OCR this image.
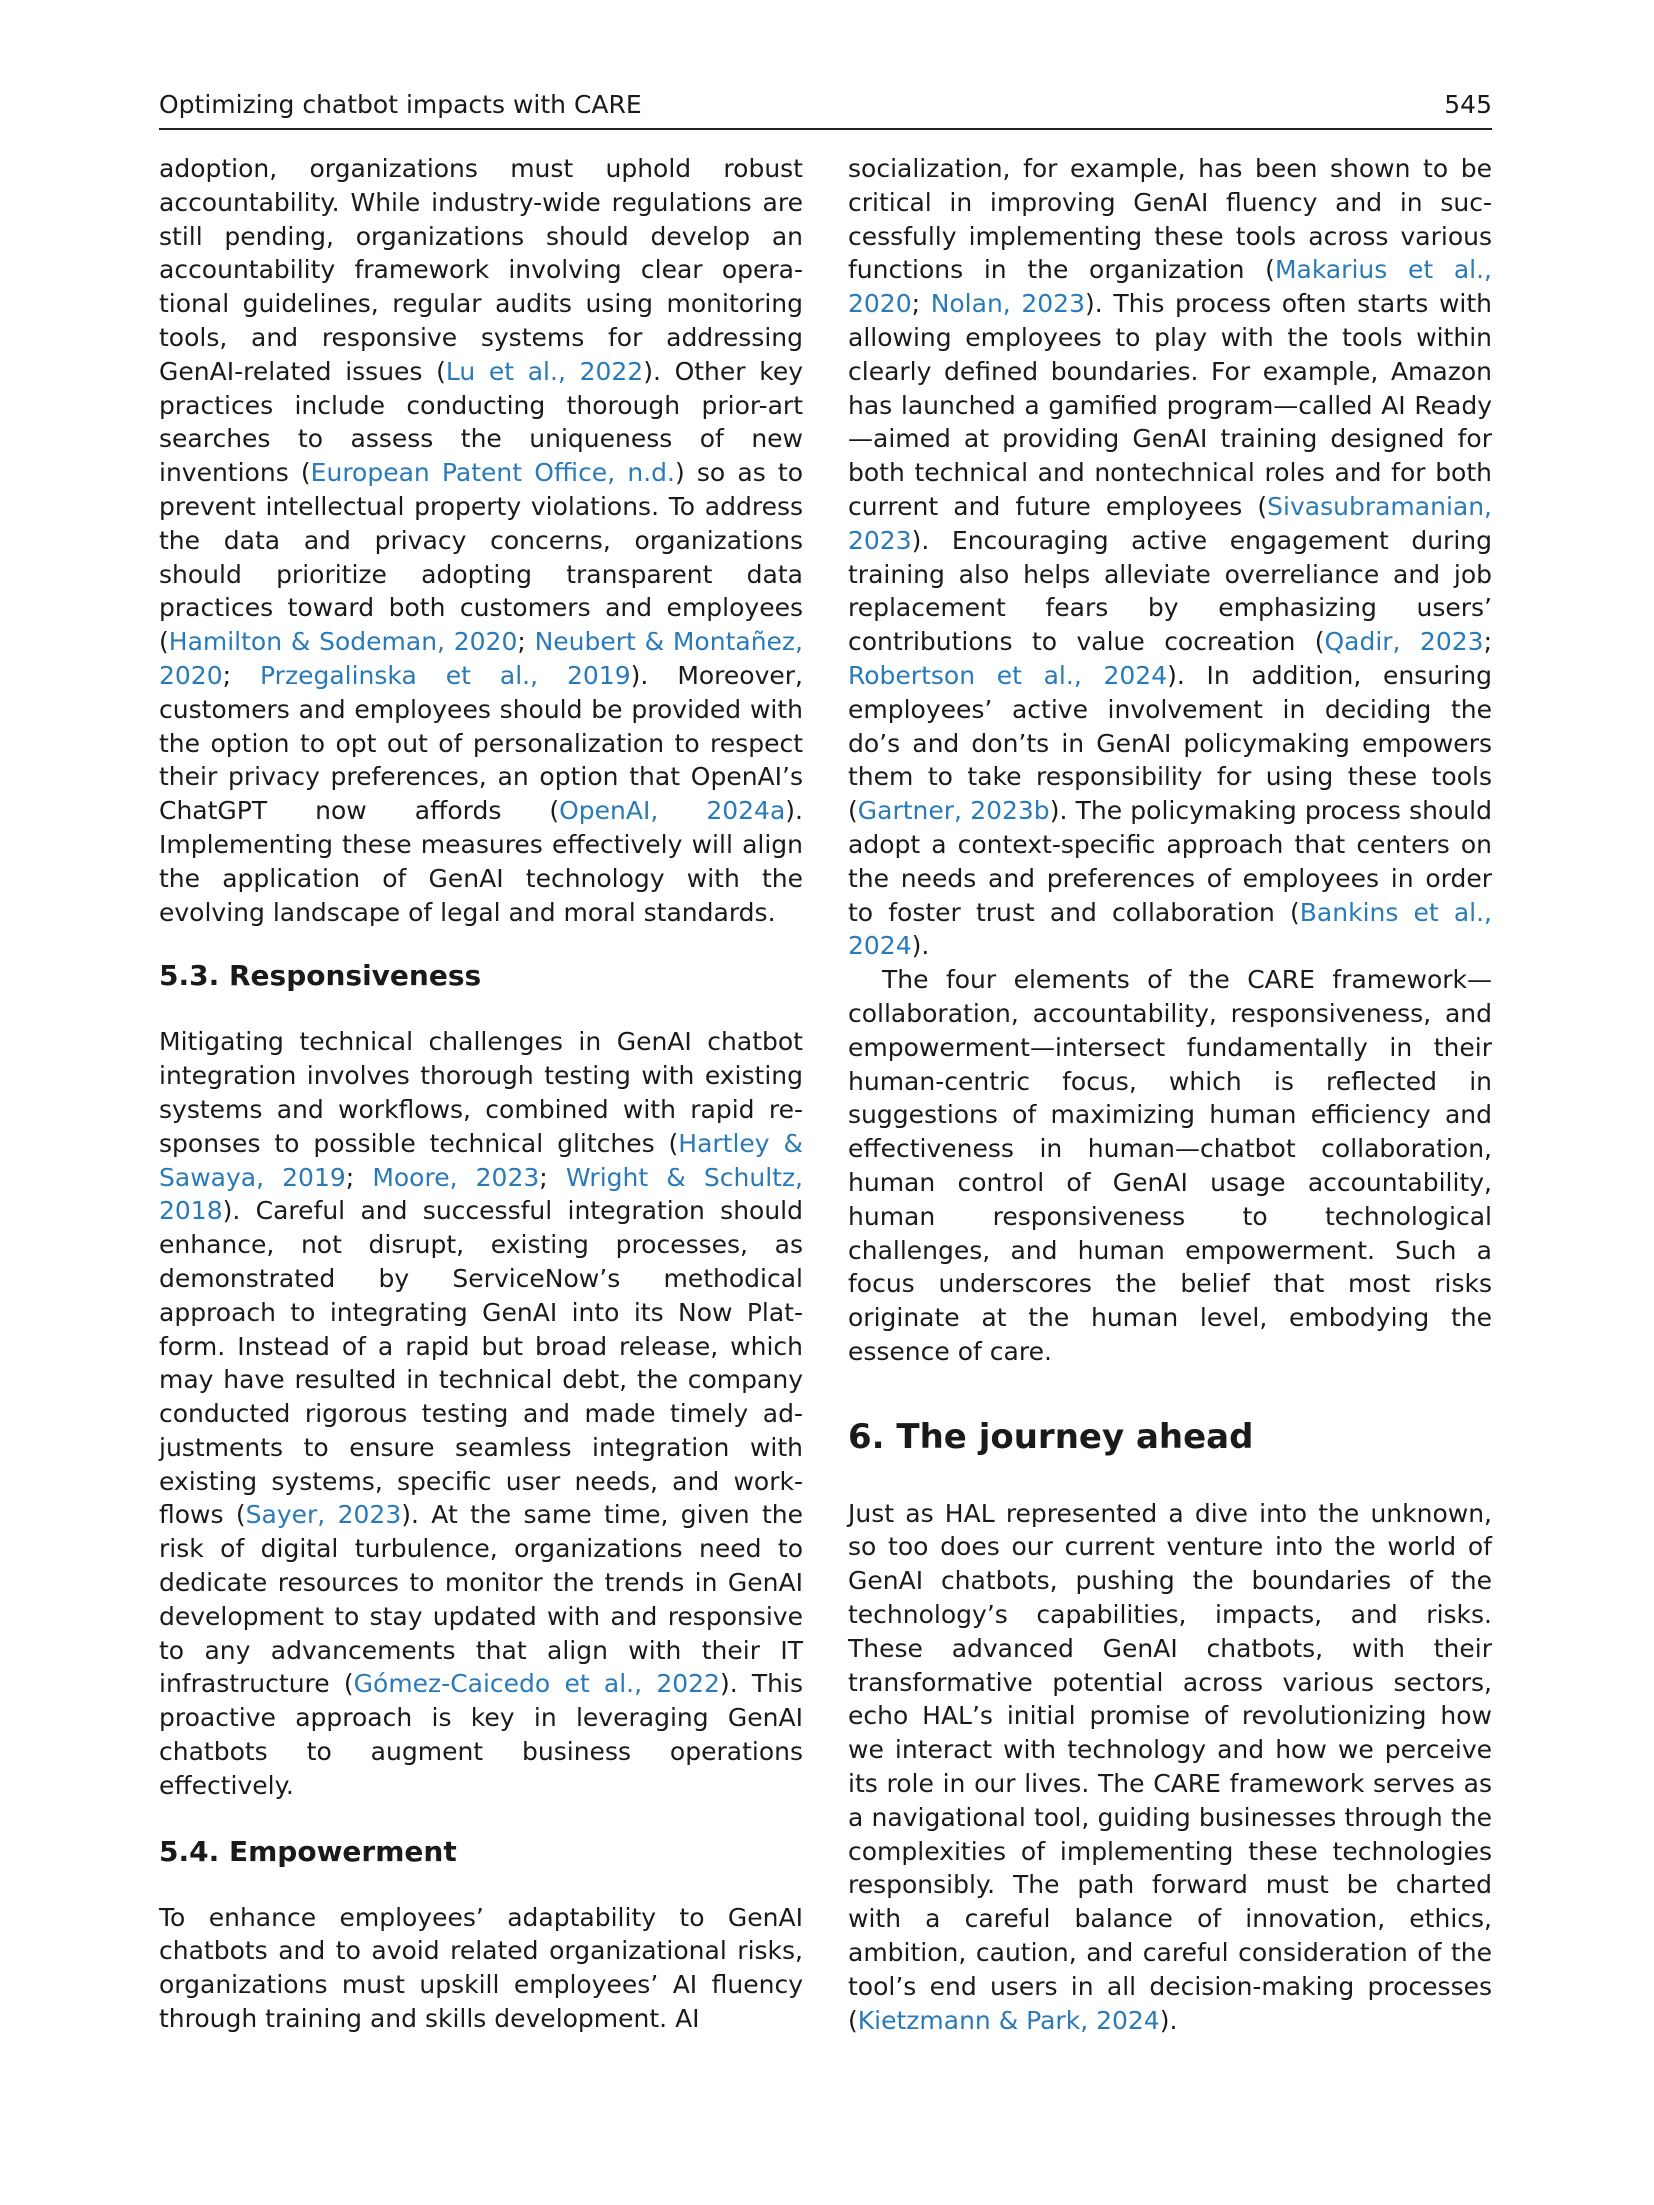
Optimizing chatbot impacts with CARE	545

adoption, organizations must uphold robust accountability. While industry-wide regulations are still pending, organizations should develop an accountability framework involving clear operational guidelines, regular audits using monitoring tools, and responsive systems for addressing GenAI-related issues (Lu et al., 2022). Other key practices include conducting thorough prior-art searches to assess the uniqueness of new inventions (European Patent Office, n.d.) so as to prevent intellectual property violations. To address the data and privacy concerns, organizations should prioritize adopting transparent data practices toward both customers and employees (Hamilton & Sodeman, 2020; Neubert & Montañez, 2020; Przegalinska et al., 2019). Moreover, customers and employees should be provided with the option to opt out of personalization to respect their privacy preferences, an option that OpenAI’s ChatGPT now affords (OpenAI, 2024a). Implementing these measures effectively will align the application of GenAI technology with the evolving landscape of legal and moral standards.

5.3. Responsiveness

Mitigating technical challenges in GenAI chatbot integration involves thorough testing with existing systems and workflows, combined with rapid responses to possible technical glitches (Hartley & Sawaya, 2019; Moore, 2023; Wright & Schultz, 2018). Careful and successful integration should enhance, not disrupt, existing processes, as demonstrated by ServiceNow’s methodical approach to integrating GenAI into its Now Platform. Instead of a rapid but broad release, which may have resulted in technical debt, the company conducted rigorous testing and made timely adjustments to ensure seamless integration with existing systems, specific user needs, and workflows (Sayer, 2023). At the same time, given the risk of digital turbulence, organizations need to dedicate resources to monitor the trends in GenAI development to stay updated with and responsive to any advancements that align with their IT infrastructure (Gómez-Caicedo et al., 2022). This proactive approach is key in leveraging GenAI chatbots to augment business operations effectively.

5.4. Empowerment

To enhance employees’ adaptability to GenAI chatbots and to avoid related organizational risks, organizations must upskill employees’ AI fluency through training and skills development. AI

socialization, for example, has been shown to be critical in improving GenAI fluency and in successfully implementing these tools across various functions in the organization (Makarius et al., 2020; Nolan, 2023). This process often starts with allowing employees to play with the tools within clearly defined boundaries. For example, Amazon has launched a gamified program—called AI Ready—aimed at providing GenAI training designed for both technical and nontechnical roles and for both current and future employees (Sivasubramanian, 2023). Encouraging active engagement during training also helps alleviate overreliance and job replacement fears by emphasizing users’ contributions to value cocreation (Qadir, 2023; Robertson et al., 2024). In addition, ensuring employees’ active involvement in deciding the do’s and don’ts in GenAI policymaking empowers them to take responsibility for using these tools (Gartner, 2023b). The policymaking process should adopt a context-specific approach that centers on the needs and preferences of employees in order to foster trust and collaboration (Bankins et al., 2024).

The four elements of the CARE framework—collaboration, accountability, responsiveness, and empowerment—intersect fundamentally in their human-centric focus, which is reflected in suggestions of maximizing human efficiency and effectiveness in human—chatbot collaboration, human control of GenAI usage accountability, human responsiveness to technological challenges, and human empowerment. Such a focus underscores the belief that most risks originate at the human level, embodying the essence of care.

6. The journey ahead

Just as HAL represented a dive into the unknown, so too does our current venture into the world of GenAI chatbots, pushing the boundaries of the technology’s capabilities, impacts, and risks. These advanced GenAI chatbots, with their transformative potential across various sectors, echo HAL’s initial promise of revolutionizing how we interact with technology and how we perceive its role in our lives. The CARE framework serves as a navigational tool, guiding businesses through the complexities of implementing these technologies responsibly. The path forward must be charted with a careful balance of innovation, ethics, ambition, caution, and careful consideration of the tool’s end users in all decision-making processes (Kietzmann & Park, 2024).
